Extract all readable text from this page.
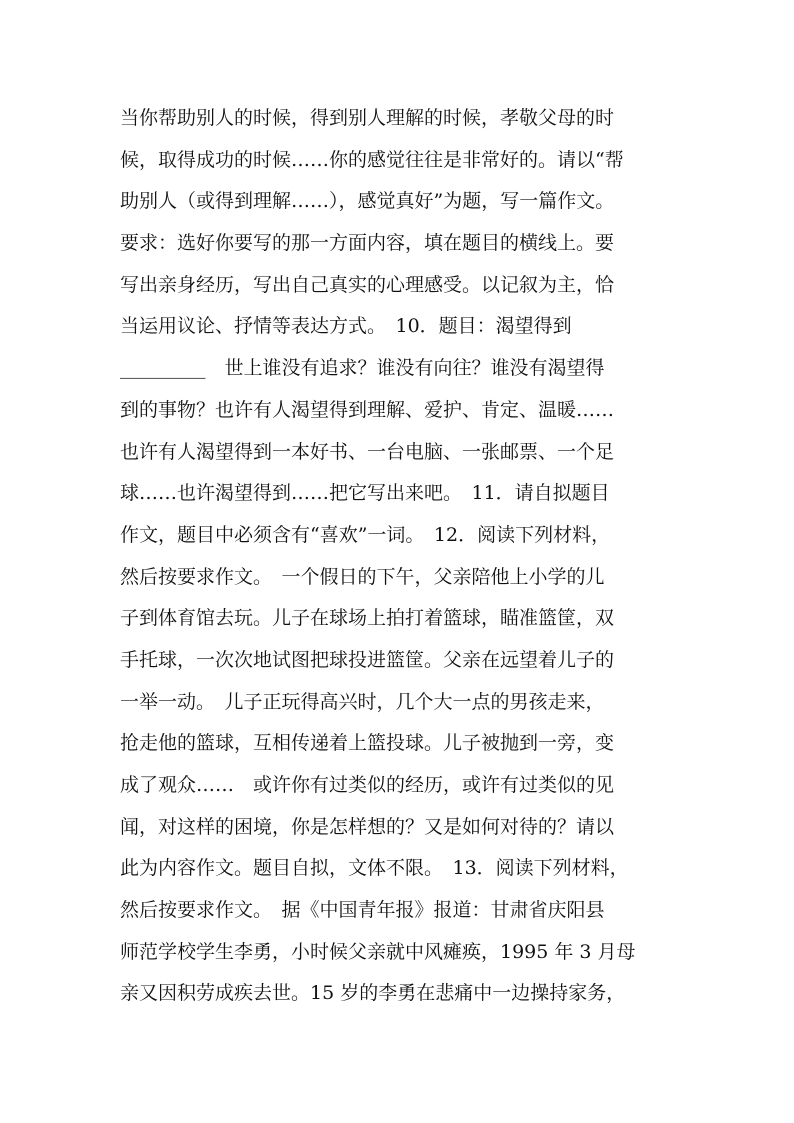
当你帮助别人的时候，得到别人理解的时候，孝敬父母的时
候，取得成功的时候……你的感觉往往是非常好的。请以“帮
助别人（或得到理解……），感觉真好”为题，写一篇作文。
要求：选好你要写的那一方面内容，填在题目的横线上。要
写出亲身经历，写出自己真实的心理感受。以记叙为主，恰
当运用议论、抒情等表达方式。　10．题目：渴望得到
_________　世上谁没有追求？谁没有向往？谁没有渴望得
到的事物？也许有人渴望得到理解、爱护、肯定、温暖……
也许有人渴望得到一本好书、一台电脑、一张邮票、一个足
球……也许渴望得到……把它写出来吧。　11．请自拟题目
作文，题目中必须含有“喜欢”一词。　12．阅读下列材料，
然后按要求作文。　一个假日的下午，父亲陪他上小学的儿
子到体育馆去玩。儿子在球场上拍打着篮球，瞄准篮筐，双
手托球，一次次地试图把球投进篮筐。父亲在远望着儿子的
一举一动。　儿子正玩得高兴时，几个大一点的男孩走来，
抢走他的篮球，互相传递着上篮投球。儿子被抛到一旁，变
成了观众……　或许你有过类似的经历，或许有过类似的见
闻，对这样的困境，你是怎样想的？又是如何对待的？请以
此为内容作文。题目自拟，文体不限。　13．阅读下列材料，
然后按要求作文。　据《中国青年报》报道：甘肃省庆阳县
师范学校学生李勇，小时候父亲就中风瘫痪，1995 年 3 月母
亲又因积劳成疾去世。15 岁的李勇在悲痛中一边操持家务，
